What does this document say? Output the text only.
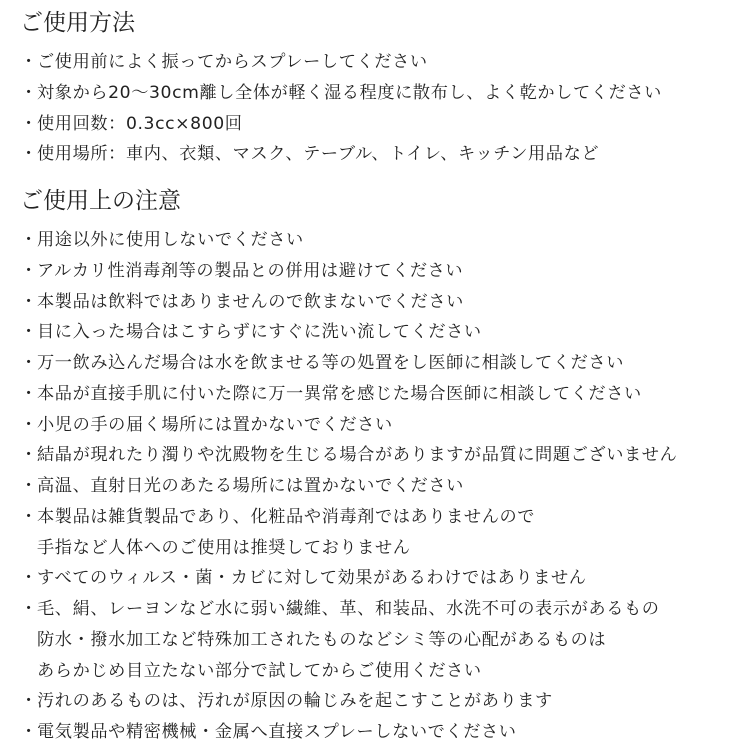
ご使用方法
・ ご使用前によく振ってからスプレーしてください
・ 対象から20～30cm離し全体が軽く湿る程度に散布し、よく乾かしてください
・ 使用回数：0.3cc×800回
・ 使用場所：車内、衣類、マスク、テーブル、トイレ、キッチン用品など
ご使用上の注意
・ 用途以外に使用しないでください
・ アルカリ性消毒剤等の製品との併用は避けてください
・ 本製品は飲料ではありませんので飲まないでください
・ 目に入った場合はこすらずにすぐに洗い流してください
・ 万一飲み込んだ場合は水を飲ませる等の処置をし医師に相談してください
・ 本品が直接手肌に付いた際に万一異常を感じた場合医師に相談してください
・ 小児の手の届く場所には置かないでください
・ 結晶が現れたり濁りや沈殿物を生じる場合がありますが品質に問題ございません
・ 高温、直射日光のあたる場所には置かないでください
・ 本製品は雑貨製品であり、化粧品や消毒剤ではありませんので
手指など人体へのご使用は推奨しておりません
・ すべてのウィルス・菌・カビに対して効果があるわけではありません
・ 毛、絹、レーヨンなど水に弱い繊維、革、和装品、水洗不可の表示があるもの
防水・撥水加工など特殊加工されたものなどシミ等の心配があるものは
あらかじめ目立たない部分で試してからご使用ください
・ 汚れのあるものは、汚れが原因の輪じみを起こすことがあります
・ 電気製品や精密機械・金属へ直接スプレーしないでください
